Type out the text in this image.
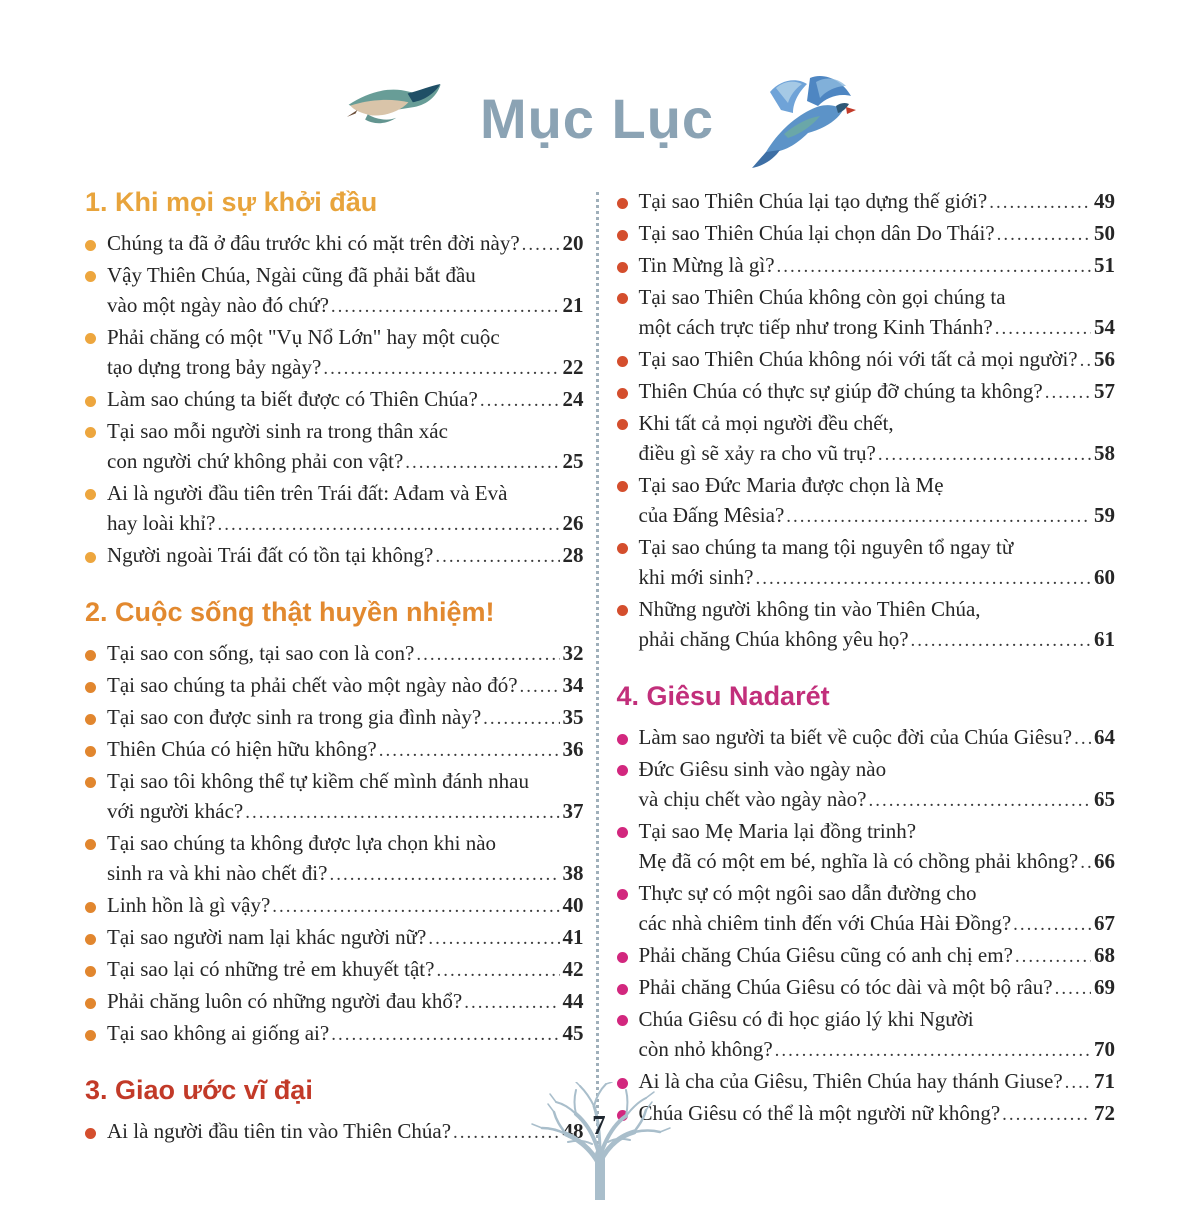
Mục Lục
1. Khi mọi sự khởi đầu
Chúng ta đã ở đâu trước khi có mặt trên đời này? ..... 20
Vậy Thiên Chúa, Ngài cũng đã phải bắt đầu
vào một ngày nào đó chứ? .....	21
Phải chăng có một "Vụ Nổ Lớn" hay một cuộc
tạo dựng trong bảy ngày? .....	22
Làm sao chúng ta biết được có Thiên Chúa? .....	24
Tại sao mỗi người sinh ra trong thân xác
con người chứ không phải con vật? .....	25
Ai là người đầu tiên trên Trái đất: Ađam và Evà
hay loài khỉ? .....	26
Người ngoài Trái đất có tồn tại không? .....	28
2. Cuộc sống thật huyền nhiệm!
Tại sao con sống, tại sao con là con? .....	32
Tại sao chúng ta phải chết vào một ngày nào đó? ..... 34
Tại sao con được sinh ra trong gia đình này? .....	35
Thiên Chúa có hiện hữu không? .....	36
Tại sao tôi không thể tự kiềm chế mình đánh nhau
với người khác? .....	37
Tại sao chúng ta không được lựa chọn khi nào
sinh ra và khi nào chết đi? .....	38
Linh hồn là gì vậy? .....	40
Tại sao người nam lại khác người nữ? .....	41
Tại sao lại có những trẻ em khuyết tật? .....	42
Phải chăng luôn có những người đau khổ? .....	44
Tại sao không ai giống ai? .....	45
3. Giao ước vĩ đại
Ai là người đầu tiên tin vào Thiên Chúa? .....	48
Tại sao Thiên Chúa lại tạo dựng thế giới? .....	49
Tại sao Thiên Chúa lại chọn dân Do Thái? .....	50
Tin Mừng là gì? .....	51
Tại sao Thiên Chúa không còn gọi chúng ta
một cách trực tiếp như trong Kinh Thánh? .....	54
Tại sao Thiên Chúa không nói với tất cả mọi người? ..... 56
Thiên Chúa có thực sự giúp đỡ chúng ta không? ..... 57
Khi tất cả mọi người đều chết,
điều gì sẽ xảy ra cho vũ trụ? .....	58
Tại sao Đức Maria được chọn là Mẹ
của Đấng Mêsia? .....	59
Tại sao chúng ta mang tội nguyên tổ ngay từ
khi mới sinh? .....	60
Những người không tin vào Thiên Chúa,
phải chăng Chúa không yêu họ? .....	61
4. Giêsu Nadarét
Làm sao người ta biết về cuộc đời của Chúa Giêsu? ..... 64
Đức Giêsu sinh vào ngày nào
và chịu chết vào ngày nào? .....	65
Tại sao Mẹ Maria lại đồng trinh?
Mẹ đã có một em bé, nghĩa là có chồng phải không? ..... 66
Thực sự có một ngôi sao dẫn đường cho
các nhà chiêm tinh đến với Chúa Hài Đồng? .....	67
Phải chăng Chúa Giêsu cũng có anh chị em? .....	68
Phải chăng Chúa Giêsu có tóc dài và một bộ râu? ..... 69
Chúa Giêsu có đi học giáo lý khi Người
còn nhỏ không? .....	70
Ai là cha của Giêsu, Thiên Chúa hay thánh Giuse? ..... 71
Chúa Giêsu có thể là một người nữ không? .....	72
7
